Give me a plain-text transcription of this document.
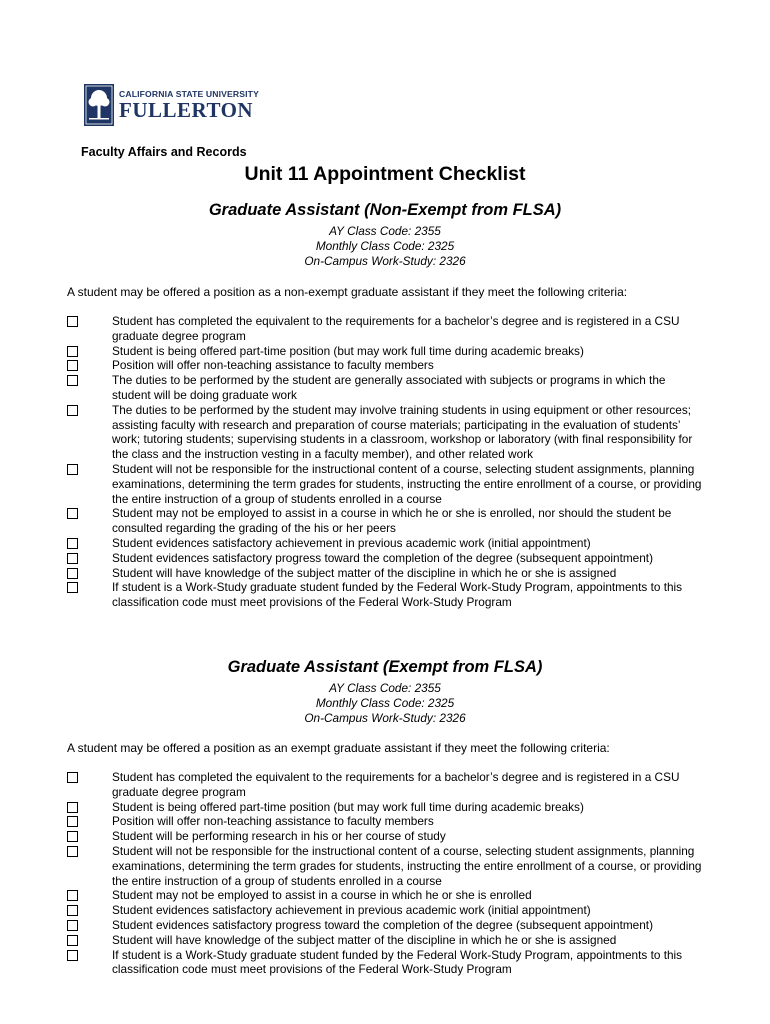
CALIFORNIA STATE UNIVERSITY
FULLERTON
Faculty Affairs and Records
Unit 11 Appointment Checklist
Graduate Assistant (Non-Exempt from FLSA)
AY Class Code: 2355
Monthly Class Code: 2325
On-Campus Work-Study: 2326
A student may be offered a position as a non-exempt graduate assistant if they meet the following criteria:
Student has completed the equivalent to the requirements for a bachelor’s degree and is registered in a CSU graduate degree program
Student is being offered part-time position (but may work full time during academic breaks)
Position will offer non-teaching assistance to faculty members
The duties to be performed by the student are generally associated with subjects or programs in which the student will be doing graduate work
The duties to be performed by the student may involve training students in using equipment or other resources; assisting faculty with research and preparation of course materials; participating in the evaluation of students’ work; tutoring students; supervising students in a classroom, workshop or laboratory (with final responsibility for the class and the instruction vesting in a faculty member), and other related work
Student will not be responsible for the instructional content of a course, selecting student assignments, planning examinations, determining the term grades for students, instructing the entire enrollment of a course, or providing the entire instruction of a group of students enrolled in a course
Student may not be employed to assist in a course in which he or she is enrolled, nor should the student be consulted regarding the grading of the his or her peers
Student evidences satisfactory achievement in previous academic work (initial appointment)
Student evidences satisfactory progress toward the completion of the degree (subsequent appointment)
Student will have knowledge of the subject matter of the discipline in which he or she is assigned
If student is a Work-Study graduate student funded by the Federal Work-Study Program, appointments to this classification code must meet provisions of the Federal Work-Study Program
Graduate Assistant (Exempt from FLSA)
AY Class Code: 2355
Monthly Class Code: 2325
On-Campus Work-Study: 2326
A student may be offered a position as an exempt graduate assistant if they meet the following criteria:
Student has completed the equivalent to the requirements for a bachelor’s degree and is registered in a CSU graduate degree program
Student is being offered part-time position (but may work full time during academic breaks)
Position will offer non-teaching assistance to faculty members
Student will be performing research in his or her course of study
Student will not be responsible for the instructional content of a course, selecting student assignments, planning examinations, determining the term grades for students, instructing the entire enrollment of a course, or providing the entire instruction of a group of students enrolled in a course
Student may not be employed to assist in a course in which he or she is enrolled
Student evidences satisfactory achievement in previous academic work (initial appointment)
Student evidences satisfactory progress toward the completion of the degree (subsequent appointment)
Student will have knowledge of the subject matter of the discipline in which he or she is assigned
If student is a Work-Study graduate student funded by the Federal Work-Study Program, appointments to this classification code must meet provisions of the Federal Work-Study Program
